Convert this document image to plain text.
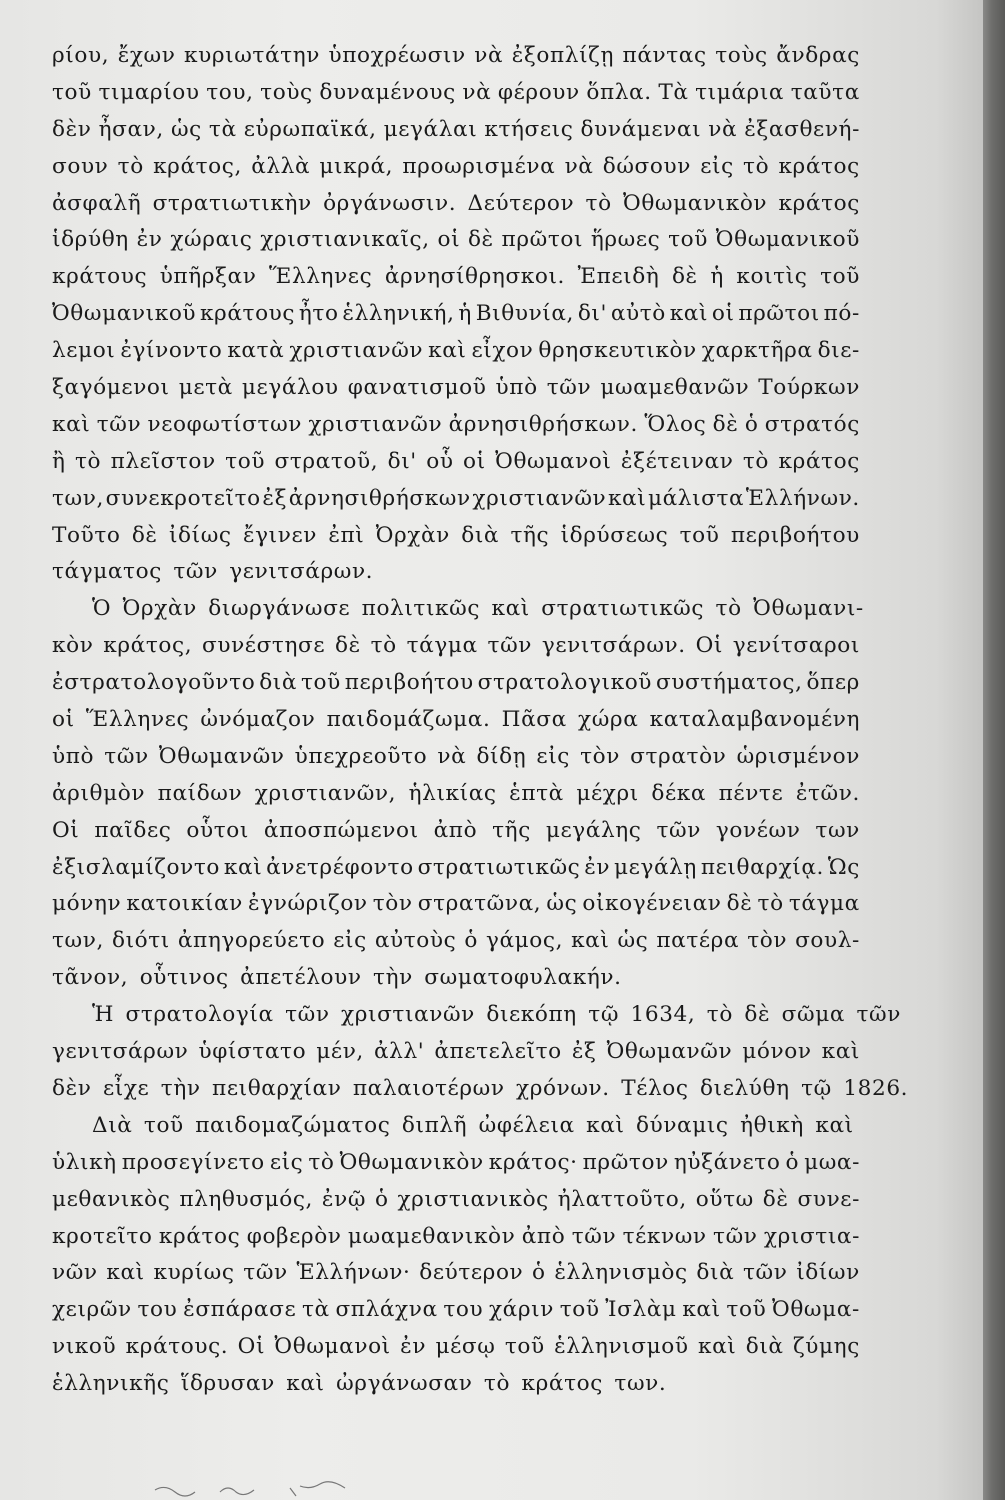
ρίου, ἔχων κυριωτάτην ὑποχρέωσιν νὰ ἐξοπλίζῃ πάντας τοὺς ἄνδρας
τοῦ τιμαρίου του, τοὺς δυναμένους νὰ φέρουν ὅπλα. Τὰ τιμάρια ταῦτα
δὲν ἦσαν, ὡς τὰ εὐρωπαϊκά, μεγάλαι κτήσεις δυνάμεναι νὰ ἐξασθενή-
σουν τὸ κράτος, ἀλλὰ μικρά, προωρισμένα νὰ δώσουν εἰς τὸ κράτος
ἀσφαλῆ στρατιωτικὴν ὀργάνωσιν. Δεύτερον τὸ Ὀθωμανικὸν κράτος
ἱδρύθη ἐν χώραις χριστιανικαῖς, οἱ δὲ πρῶτοι ἥρωες τοῦ Ὀθωμανικοῦ
κράτους ὑπῆρξαν Ἕλληνες ἀρνησίθρησκοι. Ἐπειδὴ δὲ ἡ κοιτὶς τοῦ
Ὀθωμανικοῦ κράτους ἦτο ἑλληνική, ἡ Βιθυνία, δι' αὐτὸ καὶ οἱ πρῶτοι πό-
λεμοι ἐγίνοντο κατὰ χριστιανῶν καὶ εἶχον θρησκευτικὸν χαρκτῆρα διε-
ξαγόμενοι μετὰ μεγάλου φανατισμοῦ ὑπὸ τῶν μωαμεθανῶν Τούρκων
καὶ τῶν νεοφωτίστων χριστιανῶν ἀρνησιθρήσκων. Ὅλος δὲ ὁ στρατός
ἢ τὸ πλεῖστον τοῦ στρατοῦ, δι' οὗ οἱ Ὀθωμανοὶ ἐξέτειναν τὸ κράτος
των, συνεκροτεῖτο ἐξ ἀρνησιθρήσκων χριστιανῶν καὶ μάλιστα Ἑλλήνων.
Τοῦτο δὲ ἰδίως ἔγινεν ἐπὶ Ὀρχὰν διὰ τῆς ἱδρύσεως τοῦ περιβοήτου
τάγματος τῶν γενιτσάρων.
Ὁ Ὀρχὰν διωργάνωσε πολιτικῶς καὶ στρατιωτικῶς τὸ Ὀθωμανι-
κὸν κράτος, συνέστησε δὲ τὸ τάγμα τῶν γενιτσάρων. Οἱ γενίτσαροι
ἐστρατολογοῦντο διὰ τοῦ περιβοήτου στρατολογικοῦ συστήματος, ὅπερ
οἱ Ἕλληνες ὠνόμαζον παιδομάζωμα. Πᾶσα χώρα καταλαμβανομένη
ὑπὸ τῶν Ὀθωμανῶν ὑπεχρεοῦτο νὰ δίδῃ εἰς τὸν στρατὸν ὡρισμένον
ἀριθμὸν παίδων χριστιανῶν, ἡλικίας ἑπτὰ μέχρι δέκα πέντε ἐτῶν.
Οἱ παῖδες οὗτοι ἀποσπώμενοι ἀπὸ τῆς μεγάλης τῶν γονέων των
ἐξισλαμίζοντο καὶ ἀνετρέφοντο στρατιωτικῶς ἐν μεγάλῃ πειθαρχίᾳ. Ὡς
μόνην κατοικίαν ἐγνώριζον τὸν στρατῶνα, ὡς οἰκογένειαν δὲ τὸ τάγμα
των, διότι ἀπηγορεύετο εἰς αὐτοὺς ὁ γάμος, καὶ ὡς πατέρα τὸν σουλ-
τᾶνον, οὗτινος ἀπετέλουν τὴν σωματοφυλακήν.
Ἡ στρατολογία τῶν χριστιανῶν διεκόπη τῷ 1634, τὸ δὲ σῶμα τῶν
γενιτσάρων ὑφίστατο μέν, ἀλλ' ἀπετελεῖτο ἐξ Ὀθωμανῶν μόνον καὶ
δὲν εἶχε τὴν πειθαρχίαν παλαιοτέρων χρόνων. Τέλος διελύθη τῷ 1826.
Διὰ τοῦ παιδομαζώματος διπλῆ ὠφέλεια καὶ δύναμις ἠθικὴ καὶ
ὑλικὴ προσεγίνετο εἰς τὸ Ὀθωμανικὸν κράτος· πρῶτον ηὐξάνετο ὁ μωα-
μεθανικὸς πληθυσμός, ἐνῷ ὁ χριστιανικὸς ἠλαττοῦτο, οὕτω δὲ συνε-
κροτεῖτο κράτος φοβερὸν μωαμεθανικὸν ἀπὸ τῶν τέκνων τῶν χριστια-
νῶν καὶ κυρίως τῶν Ἑλλήνων· δεύτερον ὁ ἑλληνισμὸς διὰ τῶν ἰδίων
χειρῶν του ἐσπάρασε τὰ σπλάχνα του χάριν τοῦ Ἰσλὰμ καὶ τοῦ Ὀθωμα-
νικοῦ κράτους. Οἱ Ὀθωμανοὶ ἐν μέσῳ τοῦ ἑλληνισμοῦ καὶ διὰ ζύμης
ἑλληνικῆς ἵδρυσαν καὶ ὠργάνωσαν τὸ κράτος των.
